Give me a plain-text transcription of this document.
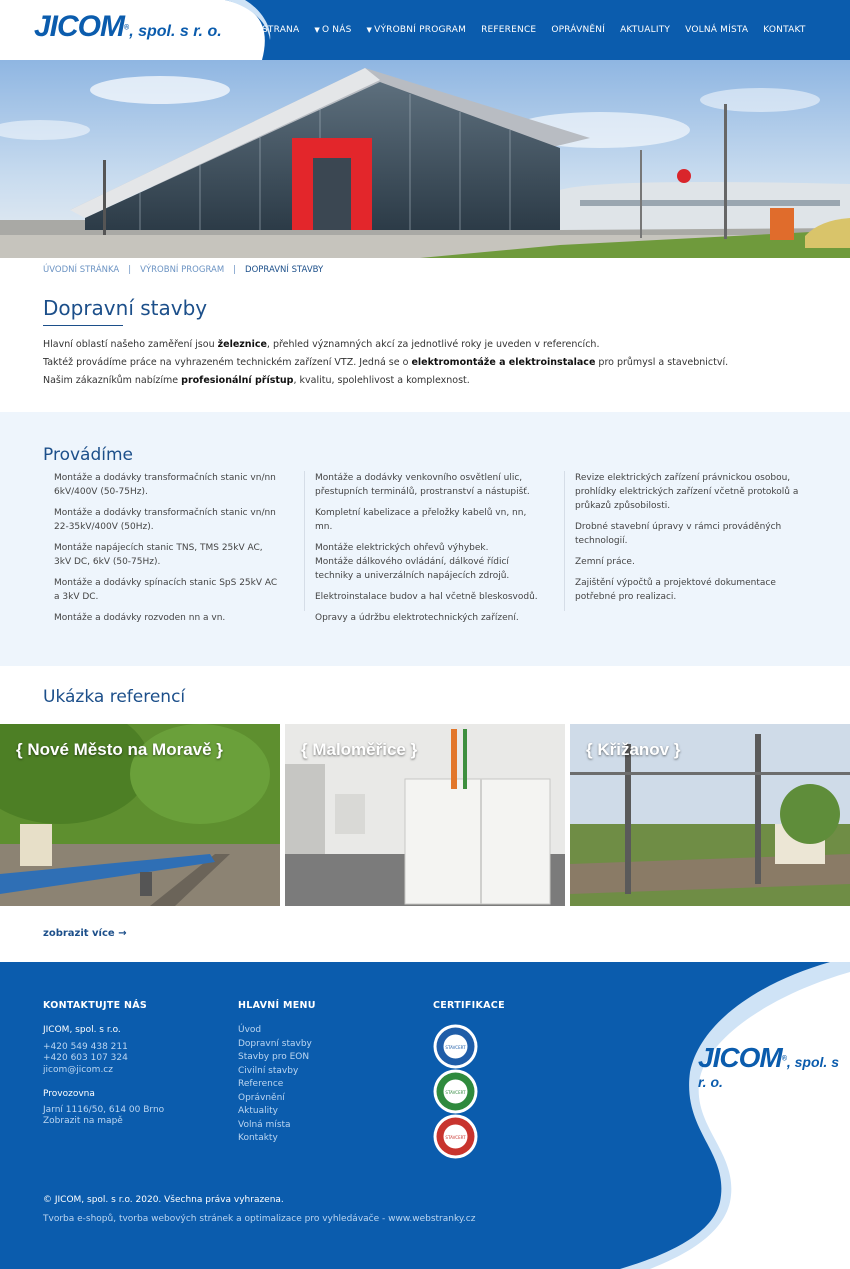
JICOM®, spol. s r. o.	STRANA ▼ O NÁS ▼ VÝROBNÍ PROGRAM REFERENCE OPRÁVNĚNÍ AKTUALITY VOLNÁ MÍSTA KONTAKT
ÚVODNÍ STRÁNKA | VÝROBNÍ PROGRAM | DOPRAVNÍ STAVBY
Dopravní stavby
Hlavní oblastí našeho zaměření jsou železnice, přehled významných akcí za jednotlivé roky je uveden v referencích.
Taktéž provádíme práce na vyhrazeném technickém zařízení VTZ. Jedná se o elektromontáže a elektroinstalace pro průmysl a stavebnictví.
Našim zákazníkům nabízíme profesionální přístup, kvalitu, spolehlivost a komplexnost.
Provádíme

Montáže a dodávky transformačních stanic vn/nn 6kV/400V (50-75Hz).

Montáže a dodávky transformačních stanic vn/nn 22-35kV/400V (50Hz).

Montáže napájecích stanic TNS, TMS 25kV AC, 3kV DC, 6kV (50-75Hz).

Montáže a dodávky spínacích stanic SpS 25kV AC a 3kV DC.

Montáže a dodávky rozvoden nn a vn.

Montáže a dodávky venkovního osvětlení ulic, přestupních terminálů, prostranství a nástupišť.

Kompletní kabelizace a přeložky kabelů vn, nn, mn.

Montáže elektrických ohřevů výhybek.

Montáže dálkového ovládání, dálkové řídicí techniky a univerzálních napájecích zdrojů.

Elektroinstalace budov a hal včetně bleskosvodů.

Opravy a údržbu elektrotechnických zařízení.

Revize elektrických zařízení právnickou osobou, prohlídky elektrických zařízení včetně protokolů a průkazů způsobilosti.

Drobné stavební úpravy v rámci prováděných technologií.

Zemní práce.

Zajištění výpočtů a projektové dokumentace potřebné pro realizaci.

Ukázka referencí
{ Nové Město na Moravě }	{ Maloměřice }	{ Křižanov }
zobrazit více →
KONTAKTUJTE NÁS
JICOM, spol. s r.o.
+420 549 438 211
+420 603 107 324
jicom@jicom.cz
Provozovna
Jarní 1116/50, 614 00 Brno
Zobrazit na mapě
HLAVNÍ MENU
Úvod
Dopravní stavby
Stavby pro EON
Civilní stavby
Reference
Oprávnění
Aktuality
Volná místa
Kontakty
CERTIFIKACE
STAVCERT
STAVCERT
STAVCERT
JICOM®, spol. s r. o.
© JICOM, spol. s r.o. 2020. Všechna práva vyhrazena.
Tvorba e-shopů, tvorba webových stránek a optimalizace pro vyhledávače - www.webstranky.cz
